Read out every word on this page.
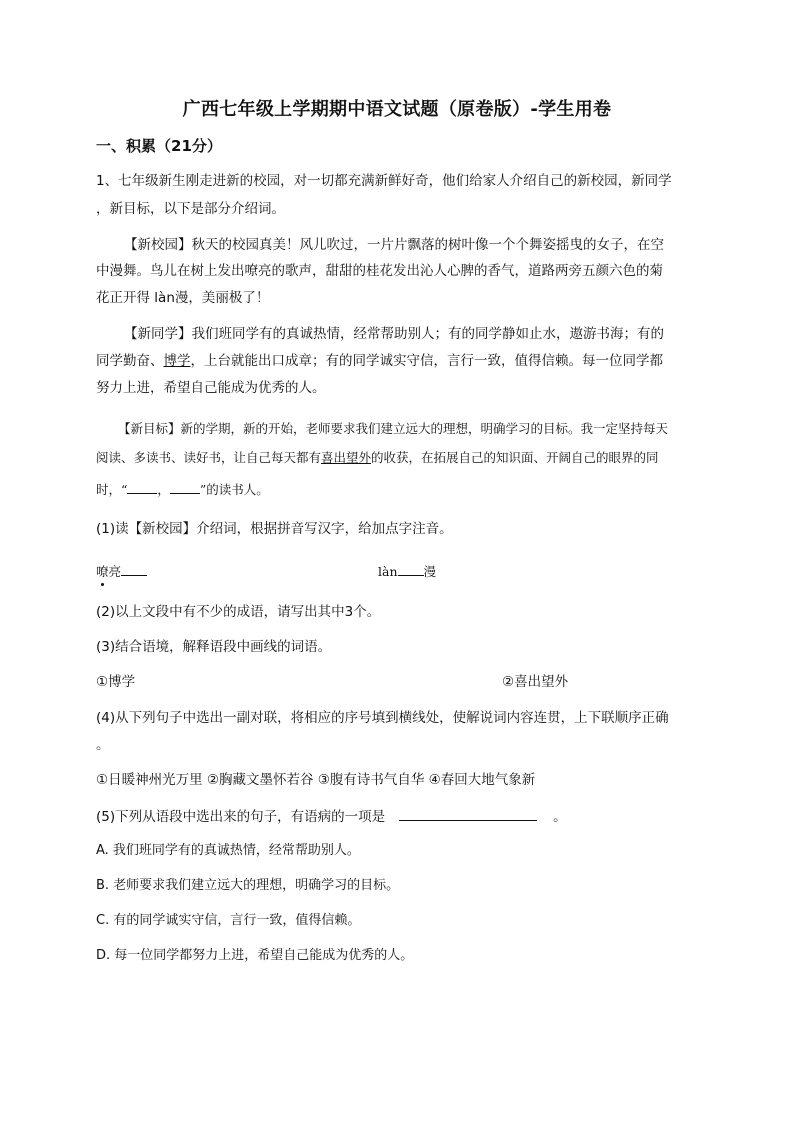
广西七年级上学期期中语文试题（原卷版）-学生用卷
一、积累（21分）
1、七年级新生刚走进新的校园，对一切都充满新鲜好奇，他们给家人介绍自己的新校园，新同学
，新目标，以下是部分介绍词。
【新校园】秋天的校园真美！风儿吹过，一片片飘落的树叶像一个个舞姿摇曳的女子，在空
中漫舞。鸟儿在树上发出嘹亮的歌声，甜甜的桂花发出沁人心脾的香气，道路两旁五颜六色的菊
花正开得 làn漫，美丽极了！
【新同学】我们班同学有的真诚热情，经常帮助别人；有的同学静如止水，遨游书海；有的
同学勤奋、博学，上台就能出口成章；有的同学诚实守信，言行一致，值得信赖。每一位同学都
努力上进，希望自己能成为优秀的人。
【新目标】新的学期，新的开始，老师要求我们建立远大的理想，明确学习的目标。我一定坚持每天
阅读、多读书、读好书，让自己每天都有喜出望外的收获，在拓展自己的知识面、开阔自己的眼界的同
时，“ ， ”的读书人。
(1)读【新校园】介绍词，根据拼音写汉字，给加点字注音。
嘹
亮	làn 漫
(2)以上文段中有不少的成语，请写出其中3个。
(3)结合语境，解释语段中画线的词语。
①博学	②喜出望外
(4)从下列句子中选出一副对联，将相应的序号填到横线处，使解说词内容连贯，上下联顺序正确
。
①日暖神州光万里 ②胸藏文墨怀若谷 ③腹有诗书气自华 ④春回大地气象新
(5)下列从语段中选出来的句子，有语病的一项是	。
A. 我们班同学有的真诚热情，经常帮助别人。
B. 老师要求我们建立远大的理想，明确学习的目标。
C. 有的同学诚实守信，言行一致，值得信赖。
D. 每一位同学都努力上进，希望自己能成为优秀的人。
